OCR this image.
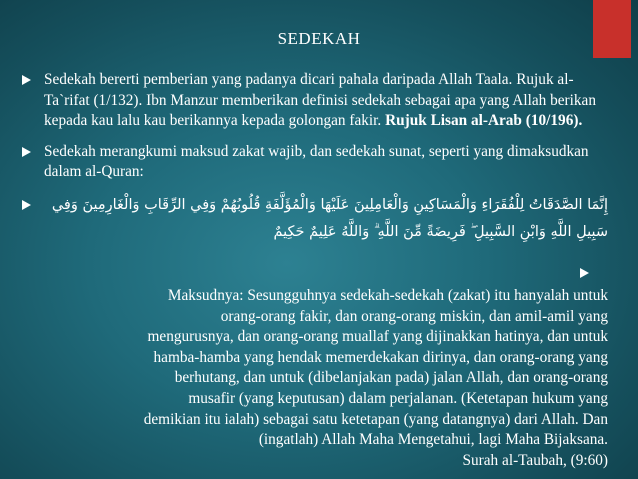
SEDEKAH
Sedekah bererti pemberian yang padanya dicari pahala daripada Allah Taala. Rujuk al-Ta`rifat (1/132). Ibn Manzur memberikan definisi sedekah sebagai apa yang Allah berikan kepada kau lalu kau berikannya kepada golongan fakir. Rujuk Lisan al-Arab (10/196).
Sedekah merangkumi maksud zakat wajib, dan sedekah sunat, seperti yang dimaksudkan dalam al-Quran:
إِنَّمَا الصَّدَقَاتُ لِلْفُقَرَاءِ وَالْمَسَاكِينِ وَالْعَامِلِينَ عَلَيْهَا وَالْمُؤَلَّفَةِ قُلُوبُهُمْ وَفِي الرِّقَابِ وَالْغَارِمِينَ وَفِي سَبِيلِ اللَّهِ وَابْنِ السَّبِيلِ ۖ فَرِيضَةً مِّنَ اللَّهِ ۗ وَاللَّهُ عَلِيمٌ حَكِيمٌ
Maksudnya: Sesungguhnya sedekah-sedekah (zakat) itu hanyalah untuk
orang-orang fakir, dan orang-orang miskin, dan amil-amil yang
mengurusnya, dan orang-orang muallaf yang dijinakkan hatinya, dan untuk
hamba-hamba yang hendak memerdekakan dirinya, dan orang-orang yang
berhutang, dan untuk (dibelanjakan pada) jalan Allah, dan orang-orang
musafir (yang keputusan) dalam perjalanan. (Ketetapan hukum yang
demikian itu ialah) sebagai satu ketetapan (yang datangnya) dari Allah. Dan
(ingatlah) Allah Maha Mengetahui, lagi Maha Bijaksana.
Surah al-Taubah, (9:60)
